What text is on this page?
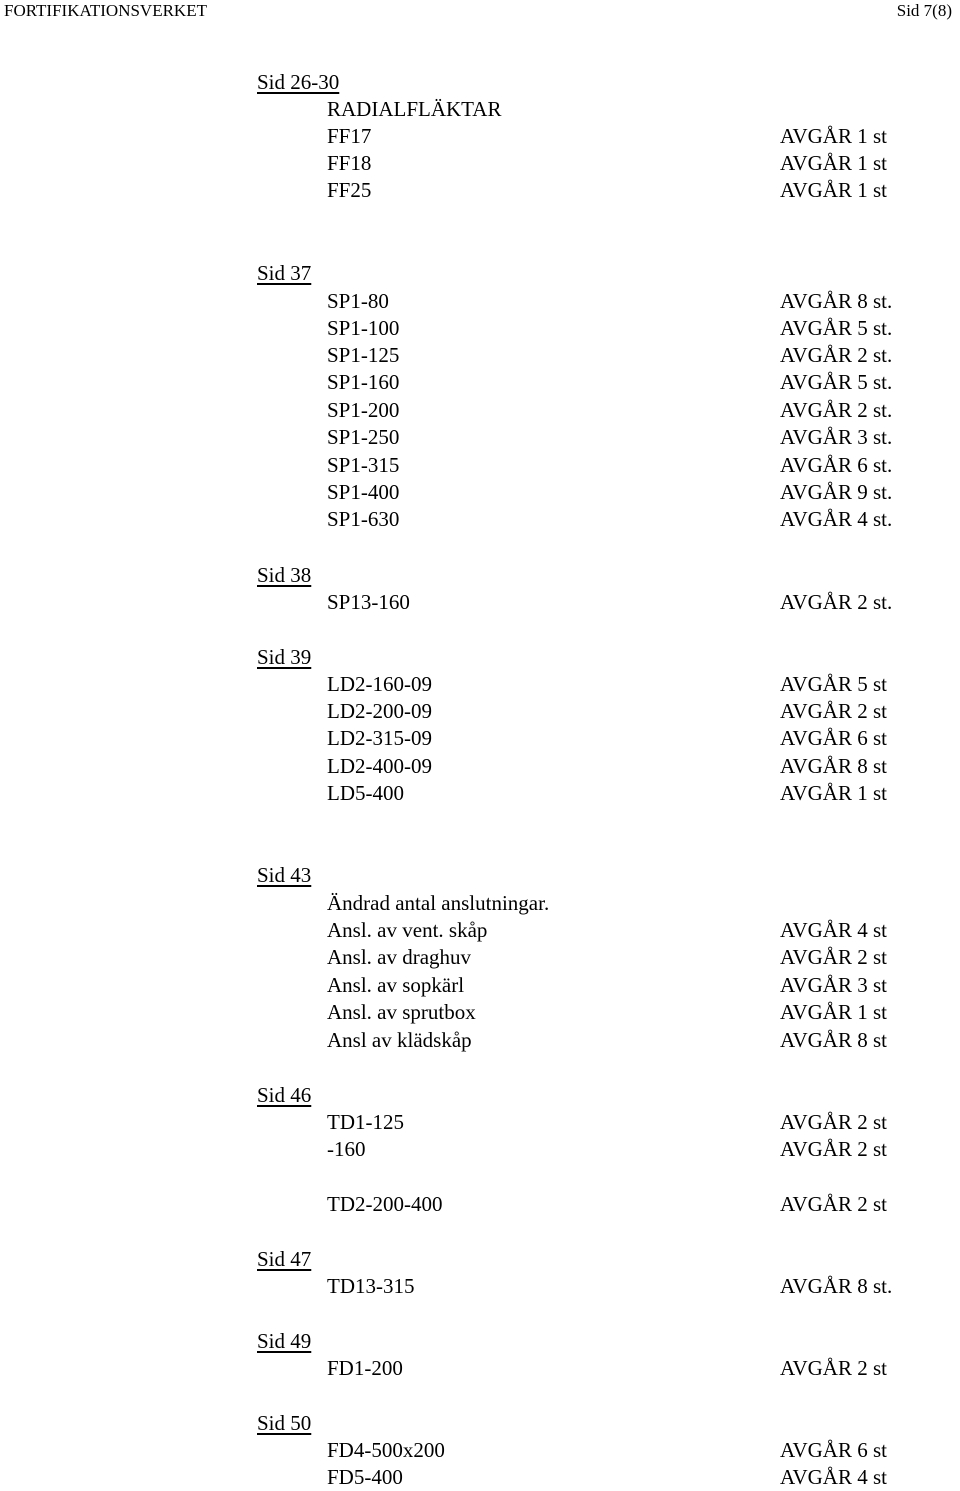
FORTIFIKATIONSVERKET	Sid 7(8)
Sid 26-30
RADIALFLÄKTAR
FF17	AVGÅR 1 st
FF18	AVGÅR 1 st
FF25	AVGÅR 1 st
Sid 37
SP1-80	AVGÅR 8 st.
SP1-100	AVGÅR 5 st.
SP1-125	AVGÅR 2 st.
SP1-160	AVGÅR 5 st.
SP1-200	AVGÅR 2 st.
SP1-250	AVGÅR 3 st.
SP1-315	AVGÅR 6 st.
SP1-400	AVGÅR 9 st.
SP1-630	AVGÅR 4 st.
Sid 38
SP13-160	AVGÅR 2 st.
Sid 39
LD2-160-09	AVGÅR 5 st
LD2-200-09	AVGÅR 2 st
LD2-315-09	AVGÅR 6 st
LD2-400-09	AVGÅR 8 st
LD5-400	AVGÅR 1 st
Sid 43
Ändrad antal anslutningar.
Ansl. av vent. skåp	AVGÅR 4 st
Ansl. av draghuv	AVGÅR 2 st
Ansl. av sopkärl	AVGÅR 3 st
Ansl. av sprutbox	AVGÅR 1 st
Ansl av klädskåp	AVGÅR 8 st
Sid 46
TD1-125	AVGÅR 2 st
-160	AVGÅR 2 st
TD2-200-400	AVGÅR 2 st
Sid 47
TD13-315	AVGÅR 8 st.
Sid 49
FD1-200	AVGÅR 2 st
Sid 50
FD4-500x200	AVGÅR 6 st
FD5-400	AVGÅR 4 st
